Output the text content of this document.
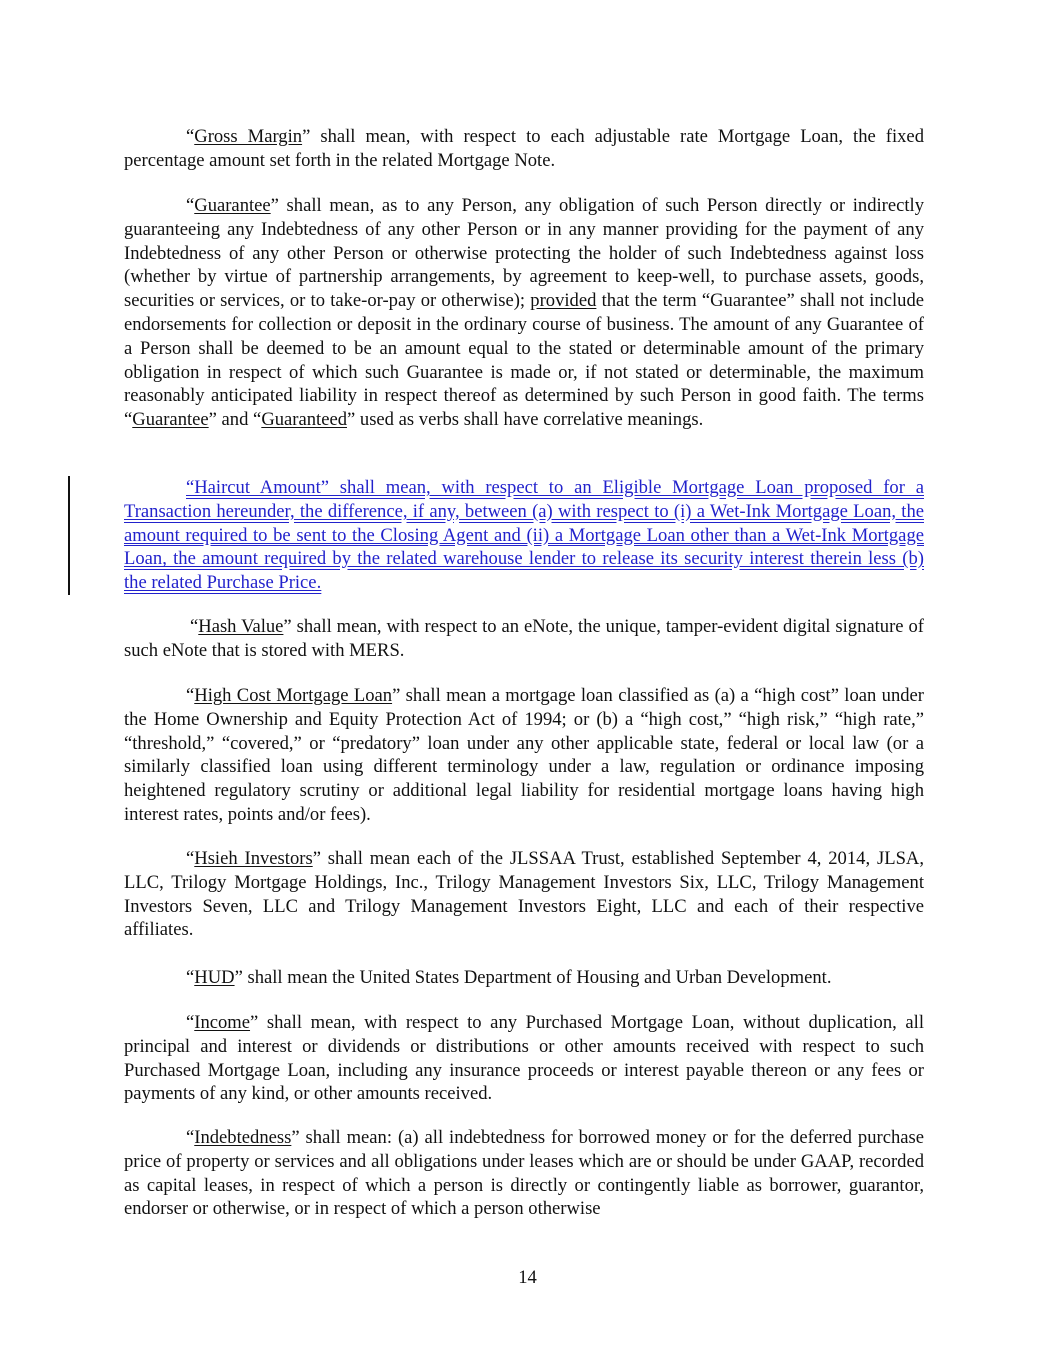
“Gross Margin” shall mean, with respect to each adjustable rate Mortgage Loan, the fixed percentage amount set forth in the related Mortgage Note.

“Guarantee” shall mean, as to any Person, any obligation of such Person directly or indirectly guaranteeing any Indebtedness of any other Person or in any manner providing for the payment of any Indebtedness of any other Person or otherwise protecting the holder of such Indebtedness against loss (whether by virtue of partnership arrangements, by agreement to keep-well, to purchase assets, goods, securities or services, or to take-or-pay or otherwise); provided that the term “Guarantee” shall not include endorsements for collection or deposit in the ordinary course of business. The amount of any Guarantee of a Person shall be deemed to be an amount equal to the stated or determinable amount of the primary obligation in respect of which such Guarantee is made or, if not stated or determinable, the maximum reasonably anticipated liability in respect thereof as determined by such Person in good faith. The terms “Guarantee” and “Guaranteed” used as verbs shall have correlative meanings.

“Haircut Amount” shall mean, with respect to an Eligible Mortgage Loan proposed for a Transaction hereunder, the difference, if any, between (a) with respect to (i) a Wet-Ink Mortgage Loan, the amount required to be sent to the Closing Agent and (ii) a Mortgage Loan other than a Wet-Ink Mortgage Loan, the amount required by the related warehouse lender to release its security interest therein less (b) the related Purchase Price.

“Hash Value” shall mean, with respect to an eNote, the unique, tamper-evident digital signature of such eNote that is stored with MERS.

“High Cost Mortgage Loan” shall mean a mortgage loan classified as (a) a “high cost” loan under the Home Ownership and Equity Protection Act of 1994; or (b) a “high cost,” “high risk,” “high rate,” “threshold,” “covered,” or “predatory” loan under any other applicable state, federal or local law (or a similarly classified loan using different terminology under a law, regulation or ordinance imposing heightened regulatory scrutiny or additional legal liability for residential mortgage loans having high interest rates, points and/or fees).

“Hsieh Investors” shall mean each of the JLSSAA Trust, established September 4, 2014, JLSA, LLC, Trilogy Mortgage Holdings, Inc., Trilogy Management Investors Six, LLC, Trilogy Management Investors Seven, LLC and Trilogy Management Investors Eight, LLC and each of their respective affiliates.

“HUD” shall mean the United States Department of Housing and Urban Development.

“Income” shall mean, with respect to any Purchased Mortgage Loan, without duplication, all principal and interest or dividends or distributions or other amounts received with respect to such Purchased Mortgage Loan, including any insurance proceeds or interest payable thereon or any fees or payments of any kind, or other amounts received.

“Indebtedness” shall mean: (a) all indebtedness for borrowed money or for the deferred purchase price of property or services and all obligations under leases which are or should be under GAAP, recorded as capital leases, in respect of which a person is directly or contingently liable as borrower, guarantor, endorser or otherwise, or in respect of which a person otherwise

14
